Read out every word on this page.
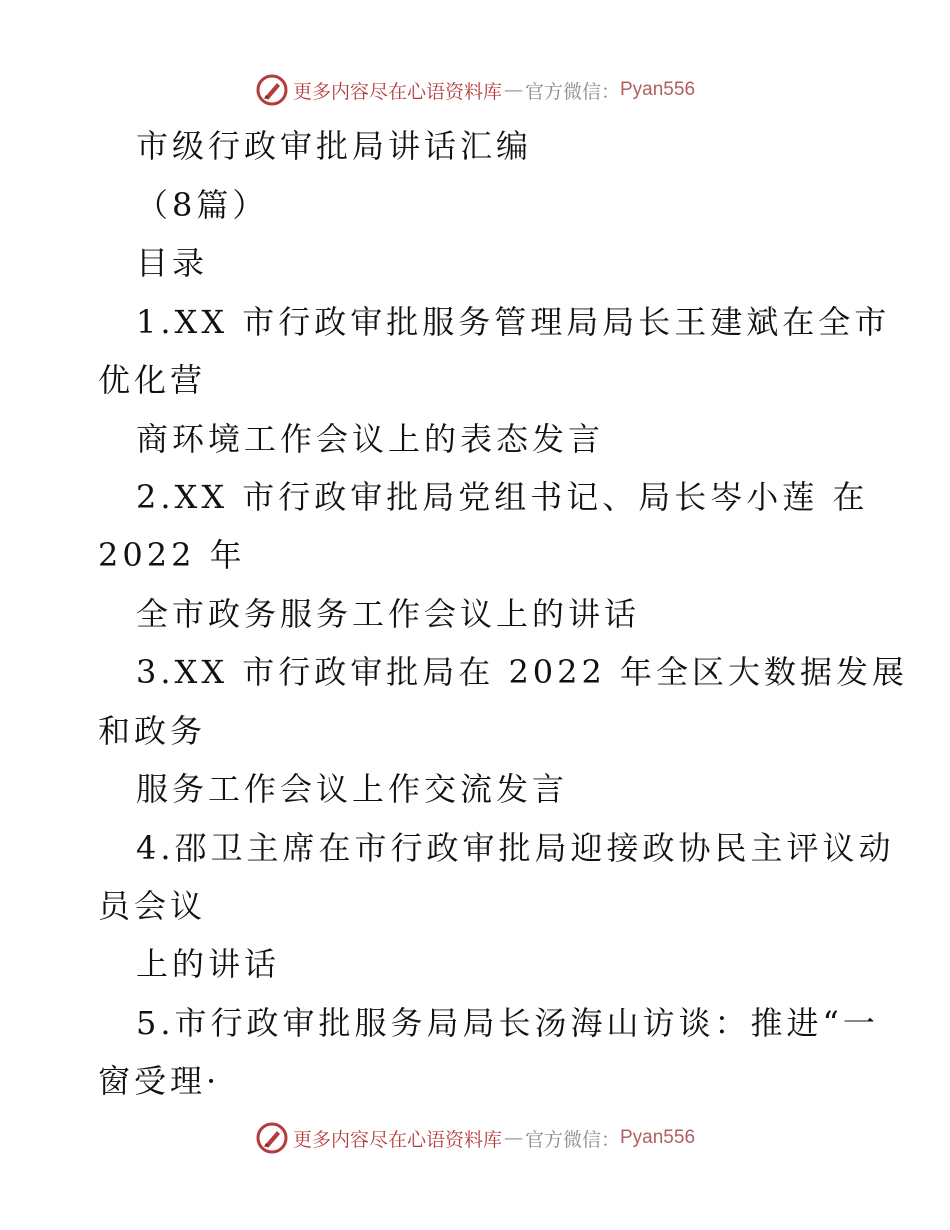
更多内容尽在心语资料库 — 官方微信： Pyan556
市级行政审批局讲话汇编
（8篇）
目录
1.XX 市行政审批服务管理局局长王建斌在全市
优化营
商环境工作会议上的表态发言
2.XX 市行政审批局党组书记、局长岑小莲 在
2022 年
全市政务服务工作会议上的讲话
3.XX 市行政审批局在 2022 年全区大数据发展
和政务
服务工作会议上作交流发言
4.邵卫主席在市行政审批局迎接政协民主评议动
员会议
上的讲话
5.市行政审批服务局局长汤海山访谈：推进“一
窗受理·
更多内容尽在心语资料库 — 官方微信： Pyan556
